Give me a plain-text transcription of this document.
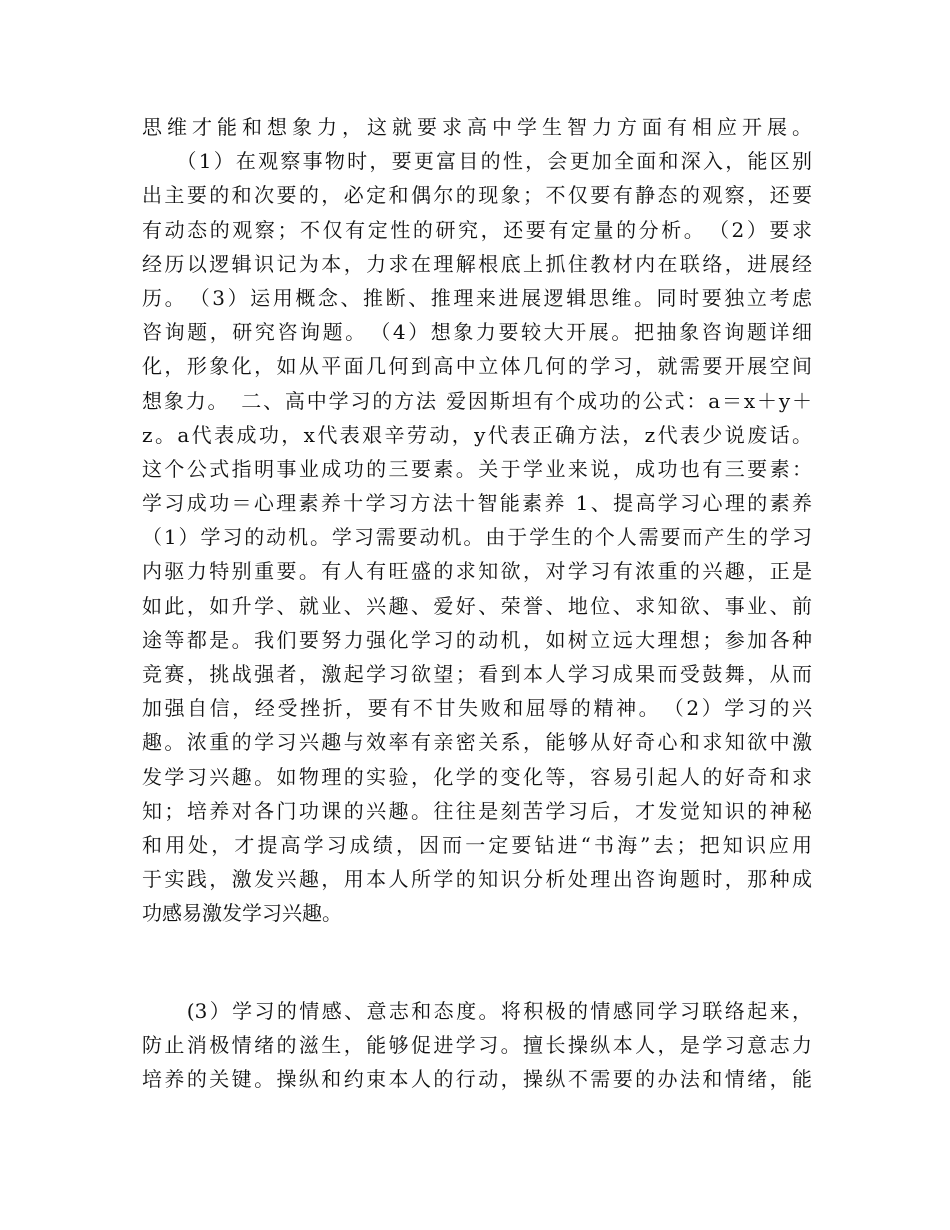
思维才能和想象力，这就要求高中学生智力方面有相应开展。
　　（1）在观察事物时，要更富目的性，会更加全面和深入，能区别
出主要的和次要的，必定和偶尔的现象；不仅要有静态的观察，还要
有动态的观察；不仅有定性的研究，还要有定量的分析。　（2）要求
经历以逻辑识记为本，力求在理解根底上抓住教材内在联络，进展经
历。　（3）运用概念、推断、推理来进展逻辑思维。同时要独立考虑
咨询题，研究咨询题。　（4）想象力要较大开展。把抽象咨询题详细
化，形象化，如从平面几何到高中立体几何的学习，就需要开展空间
想象力。　二、高中学习的方法 爱因斯坦有个成功的公式：a＝x＋y＋
z。a代表成功，x代表艰辛劳动，y代表正确方法，z代表少说废话。
这个公式指明事业成功的三要素。关于学业来说，成功也有三要素：
学习成功＝心理素养十学习方法十智能素养 1、提高学习心理的素养
（1）学习的动机。学习需要动机。由于学生的个人需要而产生的学习
内驱力特别重要。有人有旺盛的求知欲，对学习有浓重的兴趣，正是
如此，如升学、就业、兴趣、爱好、荣誉、地位、求知欲、事业、前
途等都是。我们要努力强化学习的动机，如树立远大理想；参加各种
竞赛，挑战强者，激起学习欲望；看到本人学习成果而受鼓舞，从而
加强自信，经受挫折，要有不甘失败和屈辱的精神。　（2）学习的兴
趣。浓重的学习兴趣与效率有亲密关系，能够从好奇心和求知欲中激
发学习兴趣。如物理的实验，化学的变化等，容易引起人的好奇和求
知；培养对各门功课的兴趣。往往是刻苦学习后，才发觉知识的神秘
和用处，才提高学习成绩，因而一定要钻进“书海”去；把知识应用
于实践，激发兴趣，用本人所学的知识分析处理出咨询题时，那种成
功感易激发学习兴趣。
　　(3）学习的情感、意志和态度。将积极的情感同学习联络起来，
防止消极情绪的滋生，能够促进学习。擅长操纵本人，是学习意志力
培养的关键。操纵和约束本人的行动，操纵不需要的办法和情绪，能
